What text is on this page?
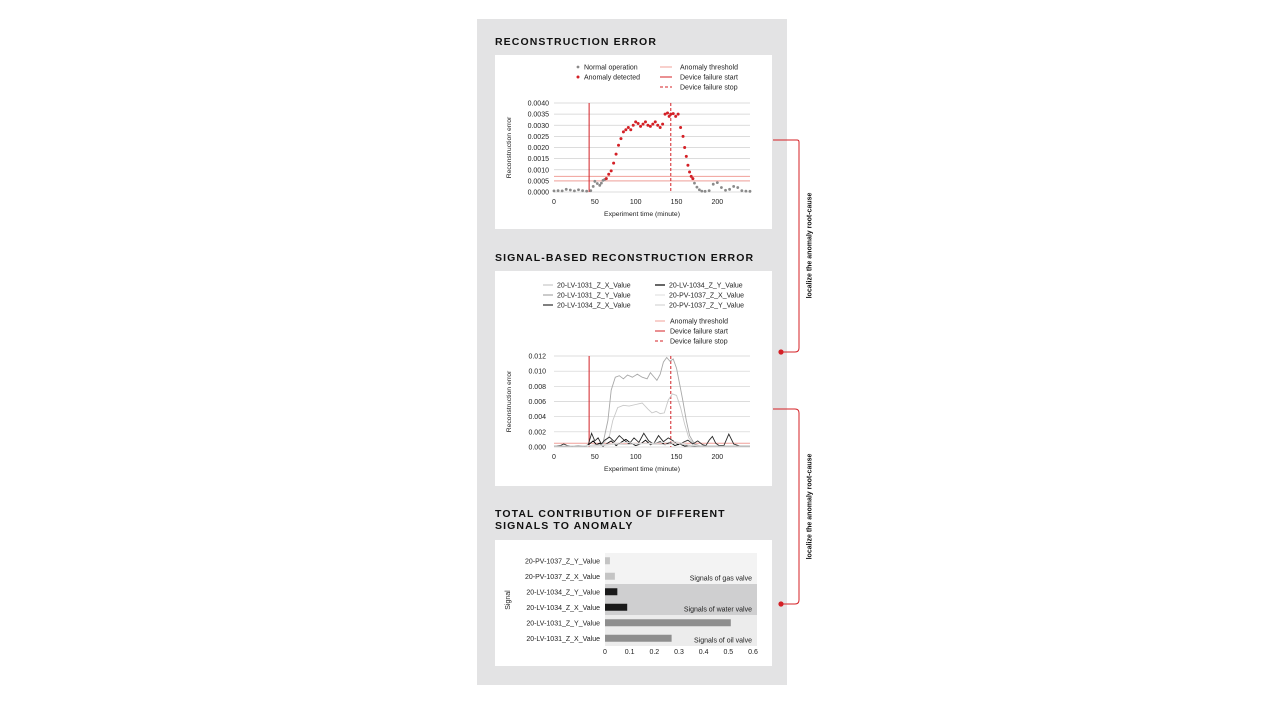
RECONSTRUCTION ERROR
0.0000
0.0005
0.0010
0.0015
0.0020
0.0025
0.0030
0.0035
0.0040
0	50	100	150	200
Experiment time (minute)
Reconstruction error
Normal operation
Anomaly detected
Anomaly threshold
Device failure start
Device failure stop
SIGNAL-BASED RECONSTRUCTION ERROR
0.000
0.002
0.004
0.006
0.008
0.010
0.012
0	50	100	150	200
Experiment time (minute)
Reconstruction error
20-LV-1031_Z_X_Value
20-LV-1031_Z_Y_Value
20-LV-1034_Z_X_Value
20-LV-1034_Z_Y_Value
20-PV-1037_Z_X_Value
20-PV-1037_Z_Y_Value
Anomaly threshold
Device failure start
Device failure stop
TOTAL CONTRIBUTION OF DIFFERENT
SIGNALS TO ANOMALY
Signals of gas valve
Signals of water valve
Signals of oil valve
20-PV-1037_Z_Y_Value
20-PV-1037_Z_X_Value
20-LV-1034_Z_Y_Value
20-LV-1034_Z_X_Value
20-LV-1031_Z_Y_Value
20-LV-1031_Z_X_Value
0	0.1 0.2 0.3 0.4 0.5 0.6
Signal
localize the anomaly root-cause
localize the anomaly root-cause
